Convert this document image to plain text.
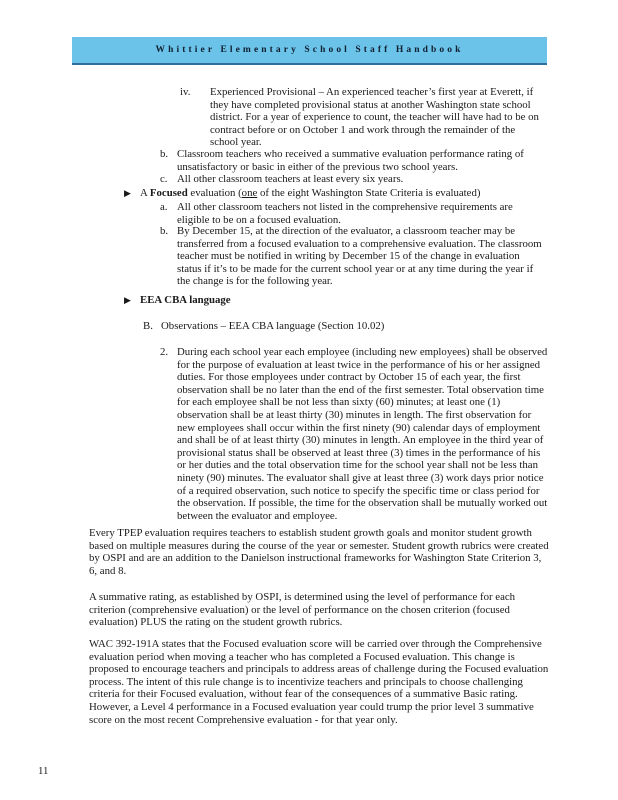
Whittier Elementary School Staff Handbook
iv. Experienced Provisional – An experienced teacher’s first year at Everett, if they have completed provisional status at another Washington state school district. For a year of experience to count, the teacher will have had to be on contract before or on October 1 and work through the remainder of the school year.

b. Classroom teachers who received a summative evaluation performance rating of unsatisfactory or basic in either of the previous two school years.

c. All other classroom teachers at least every six years.

▶ A Focused evaluation (one of the eight Washington State Criteria is evaluated)

a. All other classroom teachers not listed in the comprehensive requirements are eligible to be on a focused evaluation.

b. By December 15, at the direction of the evaluator, a classroom teacher may be transferred from a focused evaluation to a comprehensive evaluation. The classroom teacher must be notified in writing by December 15 of the change in evaluation status if it’s to be made for the current school year or at any time during the year if the change is for the following year.

▶ EEA CBA language

B.   Observations – EEA CBA language (Section 10.02)

2. During each school year each employee (including new employees) shall be observed for the purpose of evaluation at least twice in the performance of his or her assigned duties. For those employees under contract by October 15 of each year, the first observation shall be no later than the end of the first semester. Total observation time for each employee shall be not less than sixty (60) minutes; at least one (1) observation shall be at least thirty (30) minutes in length. The first observation for new employees shall occur within the first ninety (90) calendar days of employment and shall be of at least thirty (30) minutes in length. An employee in the third year of provisional status shall be observed at least three (3) times in the performance of his or her duties and the total observation time for the school year shall not be less than ninety (90) minutes. The evaluator shall give at least three (3) work days prior notice of a required observation, such notice to specify the specific time or class period for the observation. If possible, the time for the observation shall be mutually worked out between the evaluator and employee.

Every TPEP evaluation requires teachers to establish student growth goals and monitor student growth based on multiple measures during the course of the year or semester. Student growth rubrics were created by OSPI and are an addition to the Danielson instructional frameworks for Washington State Criterion 3, 6, and 8.

A summative rating, as established by OSPI, is determined using the level of performance for each criterion (comprehensive evaluation) or the level of performance on the chosen criterion (focused evaluation) PLUS the rating on the student growth rubrics.

WAC 392-191A states that the Focused evaluation score will be carried over through the Comprehensive evaluation period when moving a teacher who has completed a Focused evaluation. This change is proposed to encourage teachers and principals to address areas of challenge during the Focused evaluation process. The intent of this rule change is to incentivize teachers and principals to choose challenging criteria for their Focused evaluation, without fear of the consequences of a summative Basic rating. However, a Level 4 performance in a Focused evaluation year could trump the prior level 3 summative score on the most recent Comprehensive evaluation - for that year only.

11
